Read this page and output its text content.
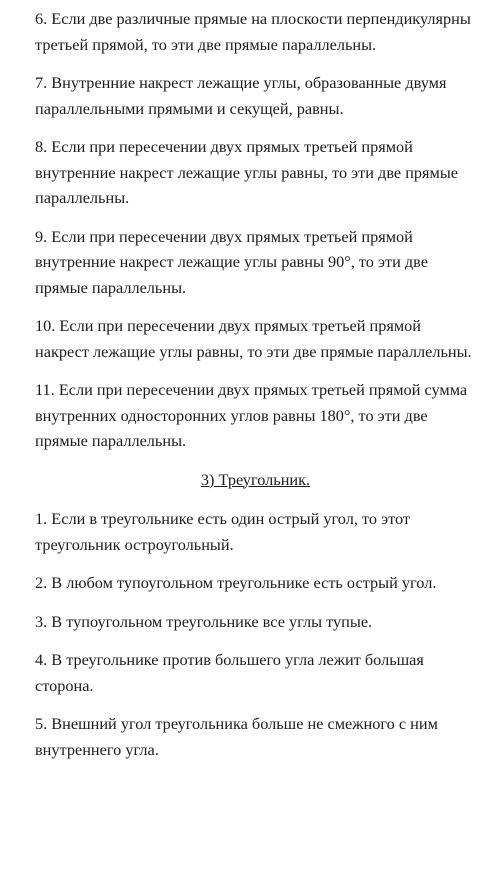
6. Если две различные прямые на плоскости перпендикулярны третьей прямой, то эти две прямые параллельны.

7. Внутренние накрест лежащие углы, образованные двумя параллельными прямыми и секущей, равны.

8. Если при пересечении двух прямых третьей прямой внутренние накрест лежащие углы равны, то эти две прямые параллельны.

9. Если при пересечении двух прямых третьей прямой внутренние накрест лежащие углы равны 90°, то эти две прямые параллельны.

10. Если при пересечении двух прямых третьей прямой накрест лежащие углы равны, то эти две прямые параллельны.

11. Если при пересечении двух прямых третьей прямой сумма внутренних односторонних углов равны 180°, то эти две прямые параллельны.

3) Треугольник.

1. Если в треугольнике есть один острый угол, то этот треугольник остроугольный.

2. В любом тупоугольном треугольнике есть острый угол.

3. В тупоугольном треугольнике все углы тупые.

4. В треугольнике против большего угла лежит большая сторона.

5. Внешний угол треугольника больше не смежного с ним внутреннего угла.
